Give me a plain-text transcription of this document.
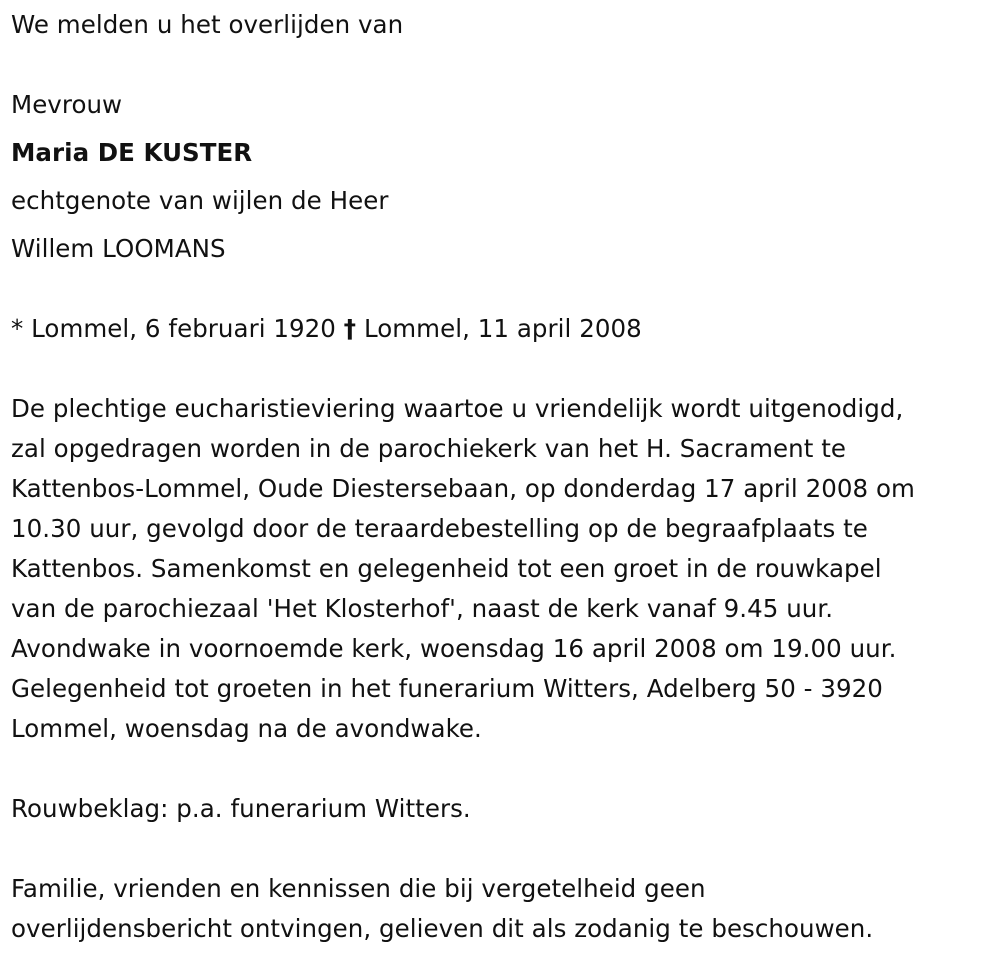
We melden u het overlijden van
Mevrouw
Maria DE KUSTER
echtgenote van wijlen de Heer
Willem LOOMANS
* Lommel, 6 februari 1920 † Lommel, 11 april 2008
De plechtige eucharistieviering waartoe u vriendelijk wordt uitgenodigd,
zal opgedragen worden in de parochiekerk van het H. Sacrament te
Kattenbos-Lommel, Oude Diestersebaan, op donderdag 17 april 2008 om
10.30 uur, gevolgd door de teraardebestelling op de begraafplaats te
Kattenbos. Samenkomst en gelegenheid tot een groet in de rouwkapel
van de parochiezaal 'Het Klosterhof', naast de kerk vanaf 9.45 uur.
Avondwake in voornoemde kerk, woensdag 16 april 2008 om 19.00 uur.
Gelegenheid tot groeten in het funerarium Witters, Adelberg 50 - 3920
Lommel, woensdag na de avondwake.
Rouwbeklag: p.a. funerarium Witters.
Familie, vrienden en kennissen die bij vergetelheid geen
overlijdensbericht ontvingen, gelieven dit als zodanig te beschouwen.
